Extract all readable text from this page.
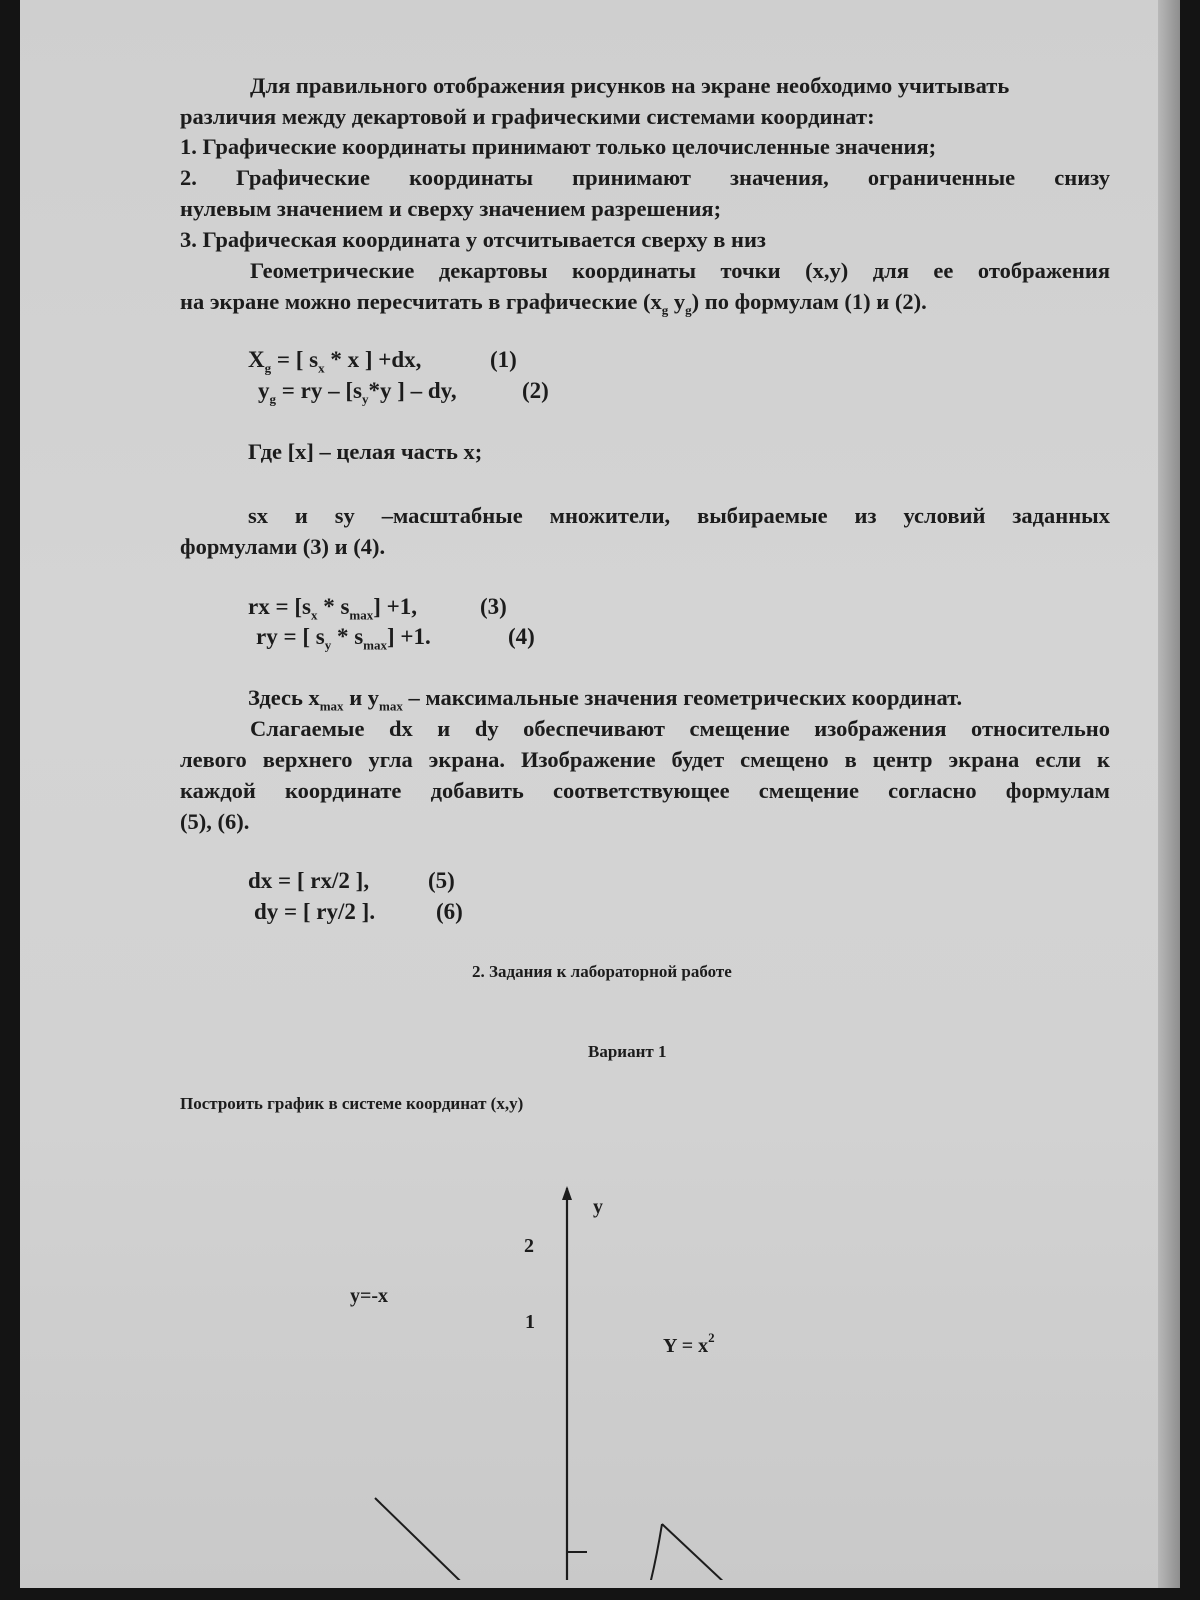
Для правильного отображения рисунков на экране необходимо учитывать
различия между декартовой и графическими системами координат:
1. Графические координаты принимают только целочисленные значения;
2. Графические координаты принимают значения, ограниченные снизу
нулевым значением и сверху значением разрешения;
3. Графическая координата у отсчитывается сверху в низ
Геометрические декартовы координаты точки (x,y) для ее отображения
на экране можно пересчитать в графические ($x_g$ $y_g$) по формулам (1) и (2).
$X_g$ = [ $s_x$ * x ] +dx,	(1)
$y_g$ = ry – [$s_y*y$ ] – dy,	(2)
Где [x] – целая часть x;
sx и sy –масштабные множители, выбираемые из условий заданных
формулами (3) и (4).
rx = $[s_x * s_{max}] +1$,	(3)
ry = [ $s_y * s_{max}] +1$.	(4)
Здесь $x_{max}$ и $y_{max}$ – максимальные значения геометрических координат.
Слагаемые dx и dy обеспечивают смещение изображения относительно
левого верхнего угла экрана. Изображение будет смещено в центр экрана если к
каждой координате добавить соответствующее смещение согласно формулам
(5), (6).
dx = [ rx/2 ],	(5)
dy = [ ry/2 ].	(6)
2. Задания к лабораторной работе
Вариант 1
Построить график в системе координат (x,y)
y
2
1
y=-x
$Y = x^2$
